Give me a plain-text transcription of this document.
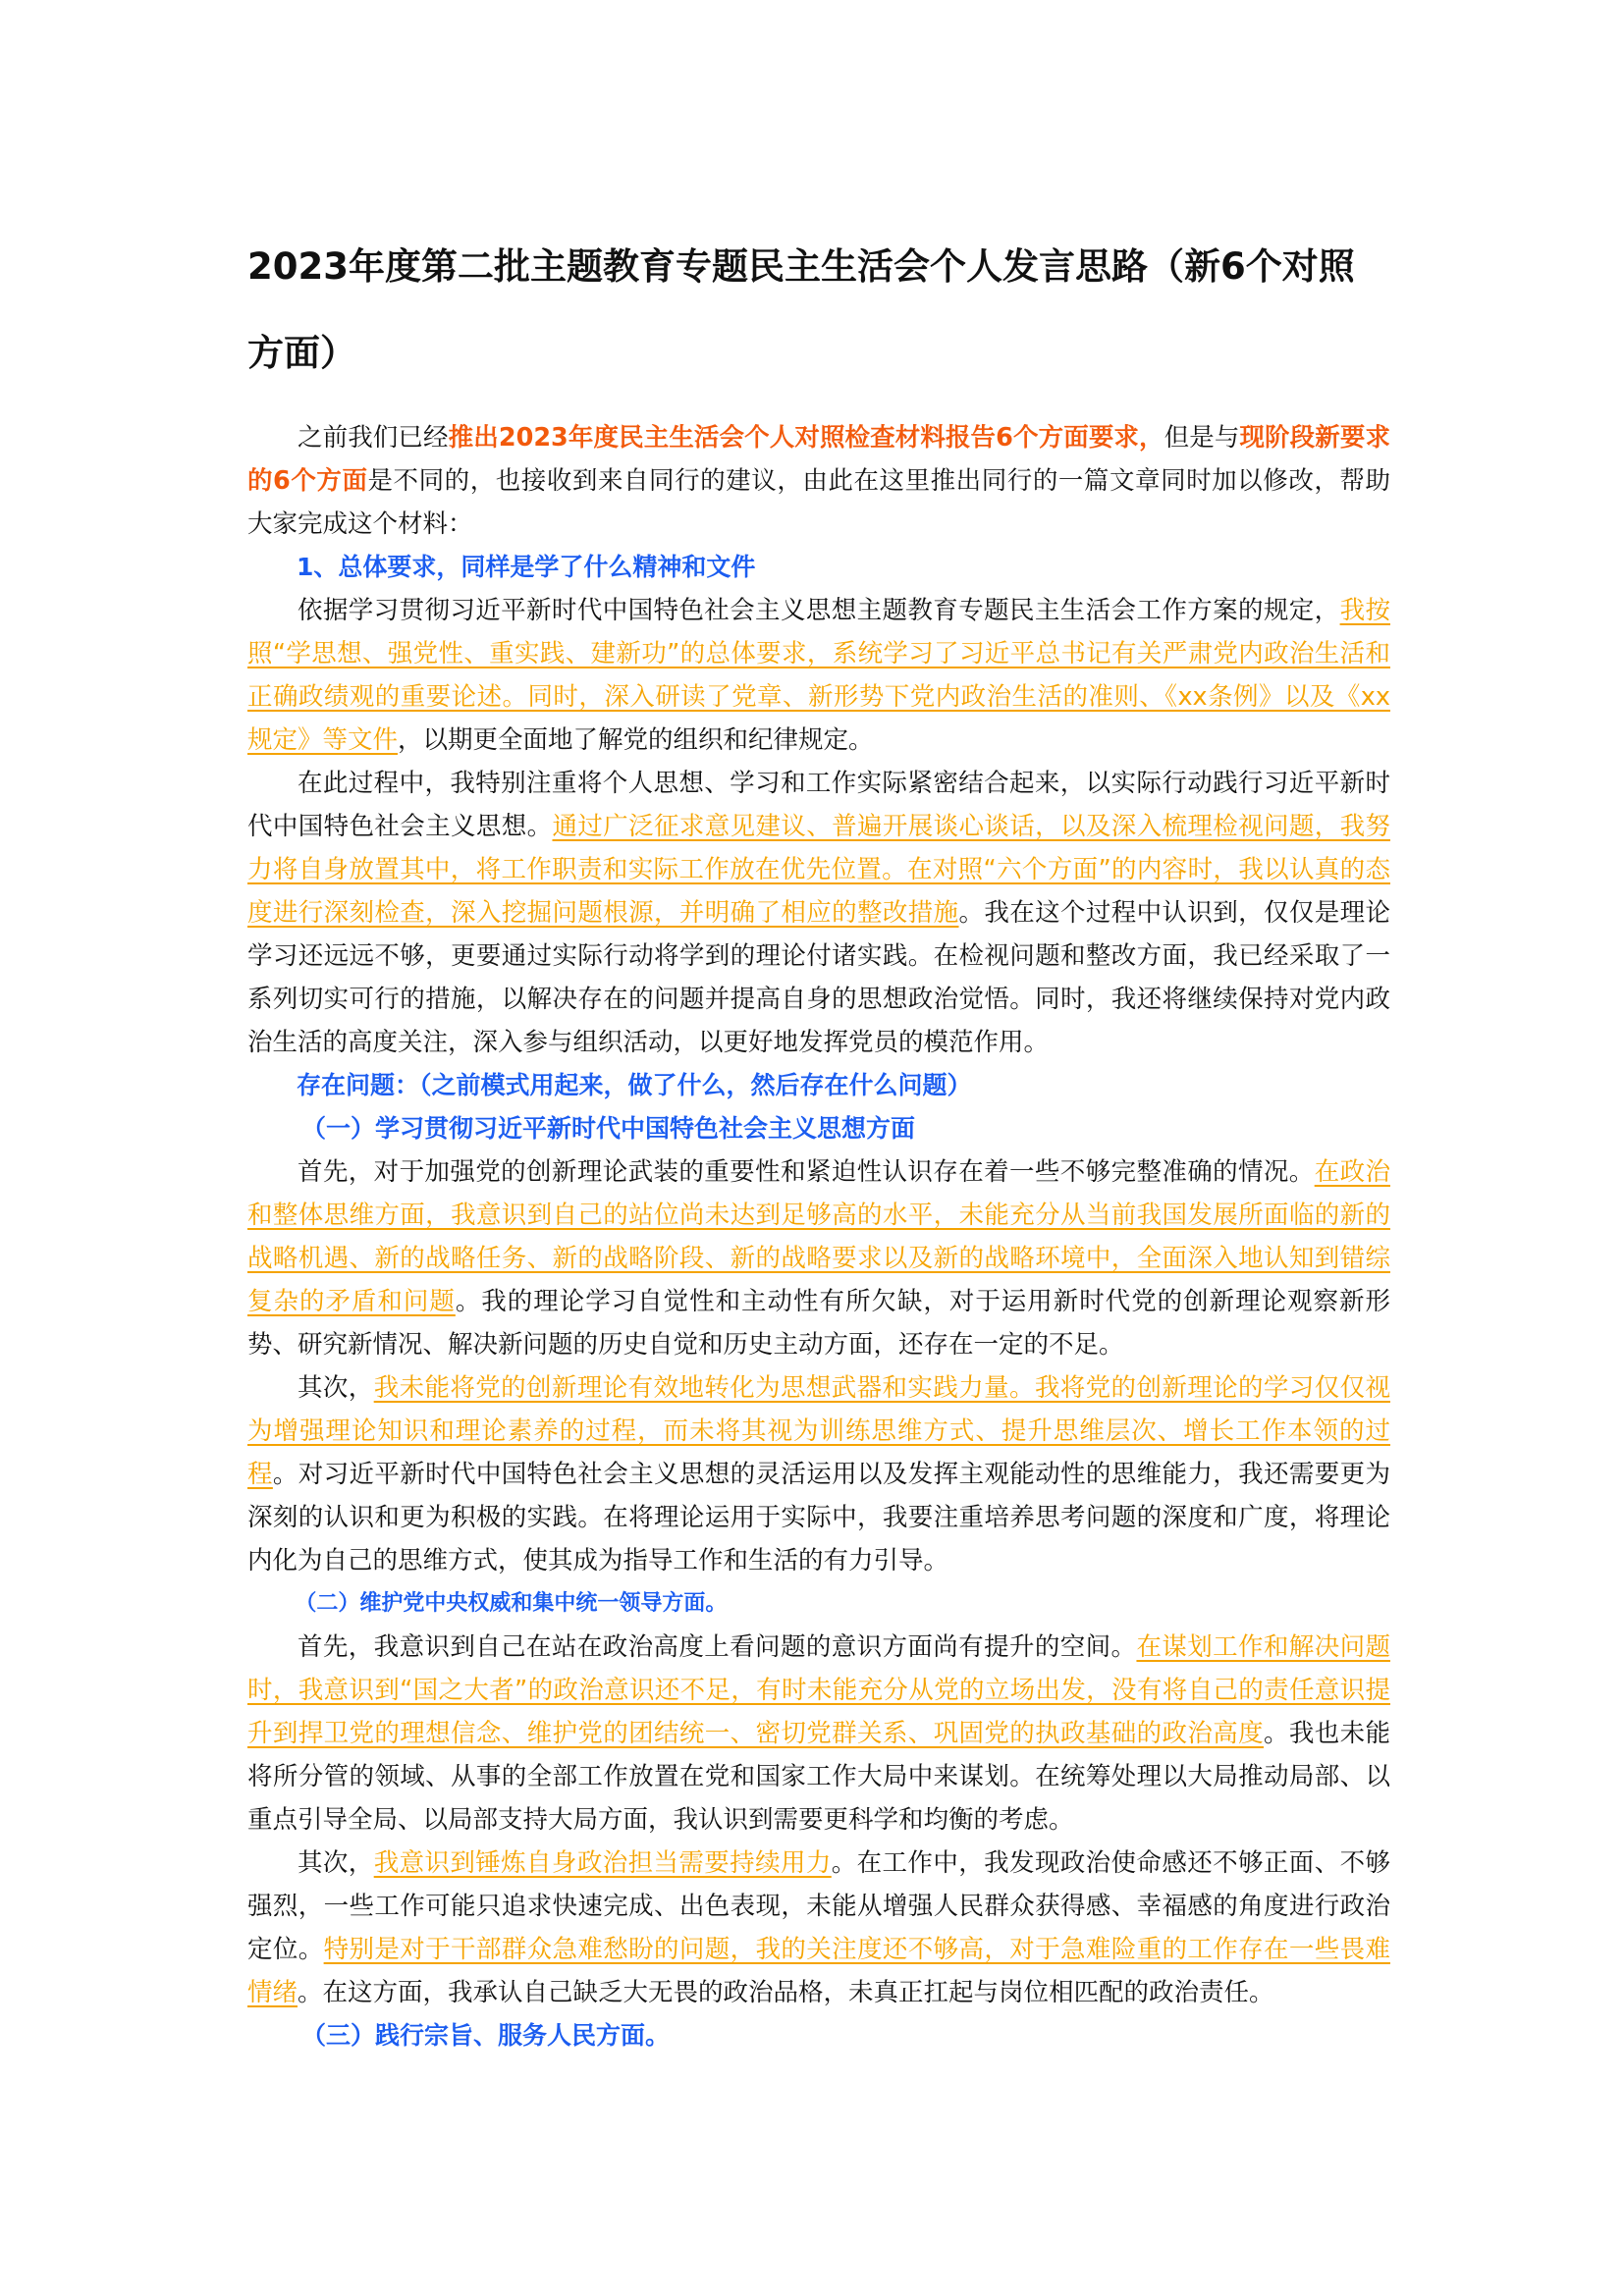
2023年度第二批主题教育专题民主生活会个人发言思路（新6个对照方面）

之前我们已经推出2023年度民主生活会个人对照检查材料报告6个方面要求，但是与现阶段新要求的6个方面是不同的，也接收到来自同行的建议，由此在这里推出同行的一篇文章同时加以修改，帮助大家完成这个材料：

1、总体要求，同样是学了什么精神和文件

依据学习贯彻习近平新时代中国特色社会主义思想主题教育专题民主生活会工作方案的规定，我按照“学思想、强党性、重实践、建新功”的总体要求，系统学习了习近平总书记有关严肃党内政治生活和正确政绩观的重要论述。同时，深入研读了党章、新形势下党内政治生活的准则、《xx条例》以及《xx规定》等文件，以期更全面地了解党的组织和纪律规定。

在此过程中，我特别注重将个人思想、学习和工作实际紧密结合起来，以实际行动践行习近平新时代中国特色社会主义思想。通过广泛征求意见建议、普遍开展谈心谈话，以及深入梳理检视问题，我努力将自身放置其中，将工作职责和实际工作放在优先位置。在对照“六个方面”的内容时，我以认真的态度进行深刻检查，深入挖掘问题根源，并明确了相应的整改措施。我在这个过程中认识到，仅仅是理论学习还远远不够，更要通过实际行动将学到的理论付诸实践。在检视问题和整改方面，我已经采取了一系列切实可行的措施，以解决存在的问题并提高自身的思想政治觉悟。同时，我还将继续保持对党内政治生活的高度关注，深入参与组织活动，以更好地发挥党员的模范作用。

存在问题：（之前模式用起来，做了什么，然后存在什么问题）

（一）学习贯彻习近平新时代中国特色社会主义思想方面

首先，对于加强党的创新理论武装的重要性和紧迫性认识存在着一些不够完整准确的情况。在政治和整体思维方面，我意识到自己的站位尚未达到足够高的水平，未能充分从当前我国发展所面临的新的战略机遇、新的战略任务、新的战略阶段、新的战略要求以及新的战略环境中，全面深入地认知到错综复杂的矛盾和问题。我的理论学习自觉性和主动性有所欠缺，对于运用新时代党的创新理论观察新形势、研究新情况、解决新问题的历史自觉和历史主动方面，还存在一定的不足。

其次，我未能将党的创新理论有效地转化为思想武器和实践力量。我将党的创新理论的学习仅仅视为增强理论知识和理论素养的过程，而未将其视为训练思维方式、提升思维层次、增长工作本领的过程。对习近平新时代中国特色社会主义思想的灵活运用以及发挥主观能动性的思维能力，我还需要更为深刻的认识和更为积极的实践。在将理论运用于实际中，我要注重培养思考问题的深度和广度，将理论内化为自己的思维方式，使其成为指导工作和生活的有力引导。

（二）维护党中央权威和集中统一领导方面。

首先，我意识到自己在站在政治高度上看问题的意识方面尚有提升的空间。在谋划工作和解决问题时，我意识到“国之大者”的政治意识还不足，有时未能充分从党的立场出发，没有将自己的责任意识提升到捍卫党的理想信念、维护党的团结统一、密切党群关系、巩固党的执政基础的政治高度。我也未能将所分管的领域、从事的全部工作放置在党和国家工作大局中来谋划。在统筹处理以大局推动局部、以重点引导全局、以局部支持大局方面，我认识到需要更科学和均衡的考虑。

其次，我意识到锤炼自身政治担当需要持续用力。在工作中，我发现政治使命感还不够正面、不够强烈，一些工作可能只追求快速完成、出色表现，未能从增强人民群众获得感、幸福感的角度进行政治定位。特别是对于干部群众急难愁盼的问题，我的关注度还不够高，对于急难险重的工作存在一些畏难情绪。在这方面，我承认自己缺乏大无畏的政治品格，未真正扛起与岗位相匹配的政治责任。

（三）践行宗旨、服务人民方面。
